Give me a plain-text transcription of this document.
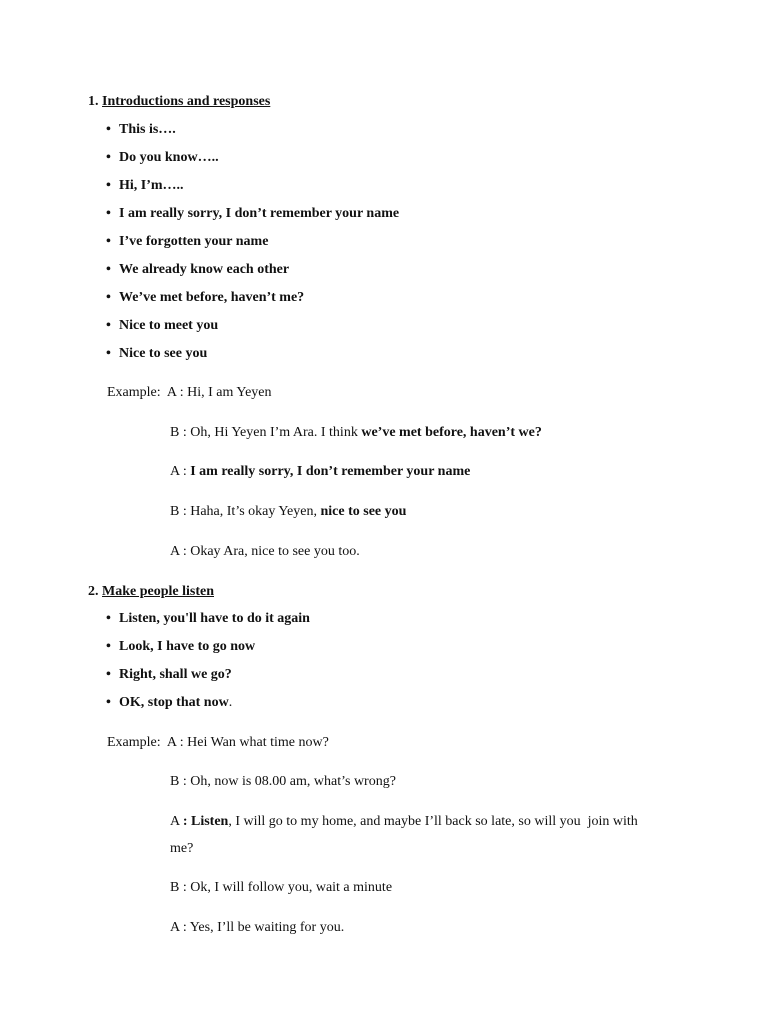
1. Introductions and responses
• This is….
• Do you know…..
• Hi, I’m…..
• I am really sorry, I don’t remember your name
• I’ve forgotten your name
• We already know each other
• We’ve met before, haven’t me?
• Nice to meet you
• Nice to see you
Example: A : Hi, I am Yeyen
B : Oh, Hi Yeyen I’m Ara. I think we’ve met before, haven’t we?
A : I am really sorry, I don’t remember your name
B : Haha, It’s okay Yeyen, nice to see you
A : Okay Ara, nice to see you too.
2. Make people listen
• Listen, you'll have to do it again
• Look, I have to go now
• Right, shall we go?
• OK, stop that now.
Example: A : Hei Wan what time now?
B : Oh, now is 08.00 am, what’s wrong?
A : Listen, I will go to my home, and maybe I’ll back so late, so will you  join with
me?
B : Ok, I will follow you, wait a minute
A : Yes, I’ll be waiting for you.
